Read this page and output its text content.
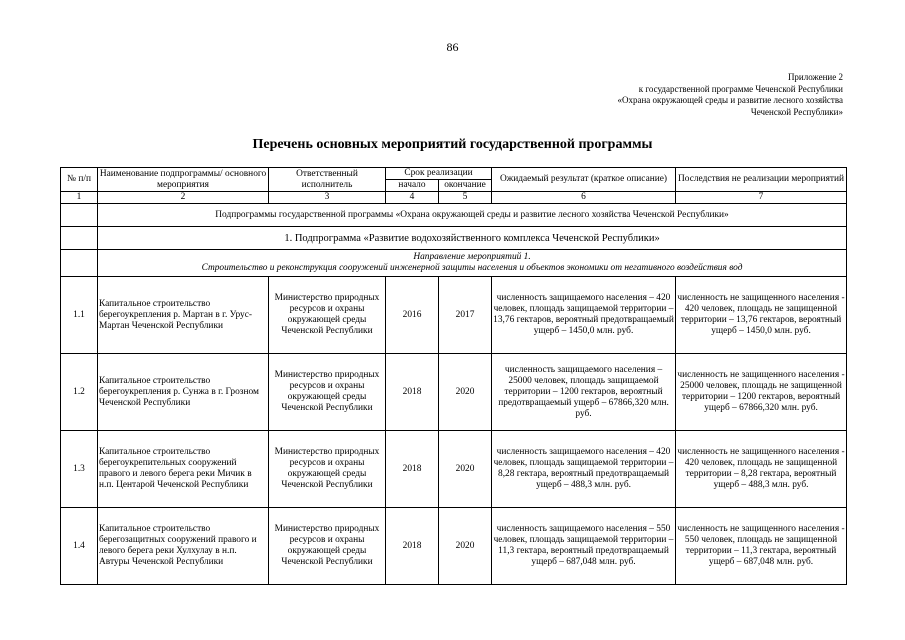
86
Приложение 2
к государственной программе Чеченской Республики
«Охрана окружающей среды и развитие лесного хозяйства
Чеченской Республики»
Перечень основных мероприятий государственной программы
№ п/п	Наименование подпрограммы/ основного мероприятия	Ответственный исполнитель	Срок реализации		Ожидаемый результат (краткое описание)	Последствия не реализации мероприятий
			начало	окончание		
1	2	3	4	5	6	7
	Подпрограммы государственной программы «Охрана окружающей среды и развитие лесного хозяйства Чеченской Республики»					
	1. Подпрограмма «Развитие водохозяйственного комплекса Чеченской Республики»					

	Направление мероприятий 1.
Строительство и реконструкция сооружений инженерной защиты населения и объектов экономики от негативного воздействия вод					

1.1	Капитальное строительство берегоукрепления р. Мартан в г. Урус-Мартан Чеченской Республики	Министерство природных ресурсов и охраны окружающей среды Чеченской Республики	2016	2017	численность защищаемого населения – 420 человек, площадь защищаемой территории – 13,76 гектаров, вероятный предотвращаемый ущерб – 1450,0 млн. руб.	численность не защищенного населения - 420 человек, площадь не защищенной территории – 13,76 гектаров, вероятный ущерб – 1450,0 млн. руб.
1.2	Капитальное строительство берегоукрепления р. Сунжа в г. Грозном Чеченской Республики	Министерство природных ресурсов и охраны окружающей среды Чеченской Республики	2018	2020	численность защищаемого населения – 25000 человек, площадь защищаемой территории – 1200 гектаров, вероятный предотвращаемый ущерб – 67866,320 млн. руб.	численность не защищенного населения - 25000 человек, площадь не защищенной территории – 1200 гектаров, вероятный ущерб – 67866,320 млн. руб.
1.3	Капитальное строительство берегоукрепительных сооружений правого и левого берега реки Мичик в н.п. Центарой Чеченской Республики	Министерство природных ресурсов и охраны окружающей среды Чеченской Республики	2018	2020	численность защищаемого населения – 420 человек, площадь защищаемой территории – 8,28 гектара, вероятный предотвращаемый ущерб – 488,3 млн. руб.	численность не защищенного населения - 420 человек, площадь не защищенной территории – 8,28 гектара, вероятный ущерб – 488,3 млн. руб.
1.4	Капитальное строительство берегозащитных сооружений правого и левого берега реки Хулхулау в н.п. Автуры Чеченской Республики	Министерство природных ресурсов и охраны окружающей среды Чеченской Республики	2018	2020	численность защищаемого населения – 550 человек, площадь защищаемой территории – 11,3 гектара, вероятный предотвращаемый ущерб – 687,048 млн. руб.	численность не защищенного населения - 550 человек, площадь не защищенной территории – 11,3 гектара, вероятный ущерб – 687,048 млн. руб.
